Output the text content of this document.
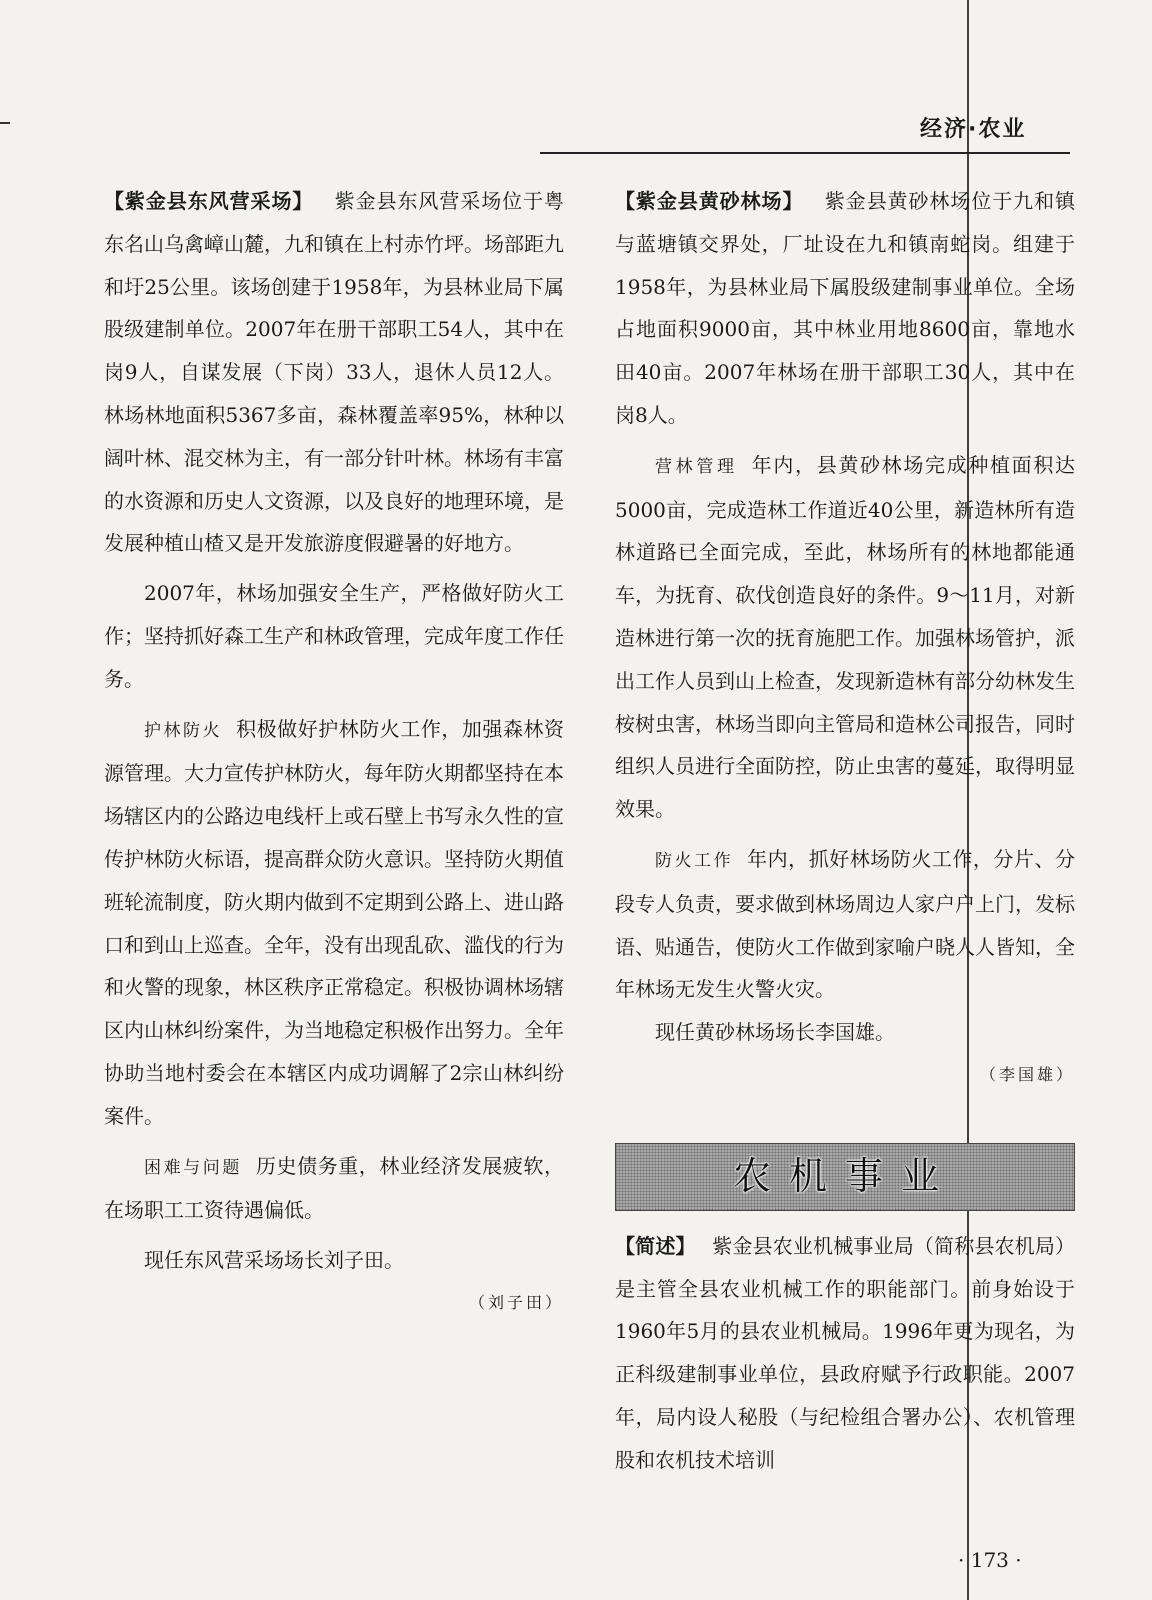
经济·农业

【紫金县东风营采场】 紫金县东风营采场位于粤东名山乌禽嶂山麓，九和镇在上村赤竹坪。场部距九和圩25公里。该场创建于1958年，为县林业局下属股级建制单位。2007年在册干部职工54人，其中在岗9人，自谋发展（下岗）33人，退休人员12人。林场林地面积5367多亩，森林覆盖率95%，林种以阔叶林、混交林为主，有一部分针叶林。林场有丰富的水资源和历史人文资源，以及良好的地理环境，是发展种植山楂又是开发旅游度假避暑的好地方。

2007年，林场加强安全生产，严格做好防火工作；坚持抓好森工生产和林政管理，完成年度工作任务。

护林防火 积极做好护林防火工作，加强森林资源管理。大力宣传护林防火，每年防火期都坚持在本场辖区内的公路边电线杆上或石壁上书写永久性的宣传护林防火标语，提高群众防火意识。坚持防火期值班轮流制度，防火期内做到不定期到公路上、进山路口和到山上巡查。全年，没有出现乱砍、滥伐的行为和火警的现象，林区秩序正常稳定。积极协调林场辖区内山林纠纷案件，为当地稳定积极作出努力。全年协助当地村委会在本辖区内成功调解了2宗山林纠纷案件。

困难与问题 历史债务重，林业经济发展疲软，在场职工工资待遇偏低。

现任东风营采场场长刘子田。

（刘子田）

【紫金县黄砂林场】 紫金县黄砂林场位于九和镇与蓝塘镇交界处，厂址设在九和镇南蛇岗。组建于1958年，为县林业局下属股级建制事业单位。全场占地面积9000亩，其中林业用地8600亩，靠地水田40亩。2007年林场在册干部职工30人，其中在岗8人。

营林管理 年内，县黄砂林场完成种植面积达5000亩，完成造林工作道近40公里，新造林所有造林道路已全面完成，至此，林场所有的林地都能通车，为抚育、砍伐创造良好的条件。9～11月，对新造林进行第一次的抚育施肥工作。加强林场管护，派出工作人员到山上检查，发现新造林有部分幼林发生桉树虫害，林场当即向主管局和造林公司报告，同时组织人员进行全面防控，防止虫害的蔓延，取得明显效果。

防火工作 年内，抓好林场防火工作，分片、分段专人负责，要求做到林场周边人家户户上门，发标语、贴通告，使防火工作做到家喻户晓人人皆知，全年林场无发生火警火灾。

现任黄砂林场场长李国雄。

（李国雄）

农机事业

【简述】 紫金县农业机械事业局（简称县农机局）是主管全县农业机械工作的职能部门。前身始设于1960年5月的县农业机械局。1996年更为现名，为正科级建制事业单位，县政府赋予行政职能。2007年，局内设人秘股（与纪检组合署办公）、农机管理股和农机技术培训

· 173 ·
